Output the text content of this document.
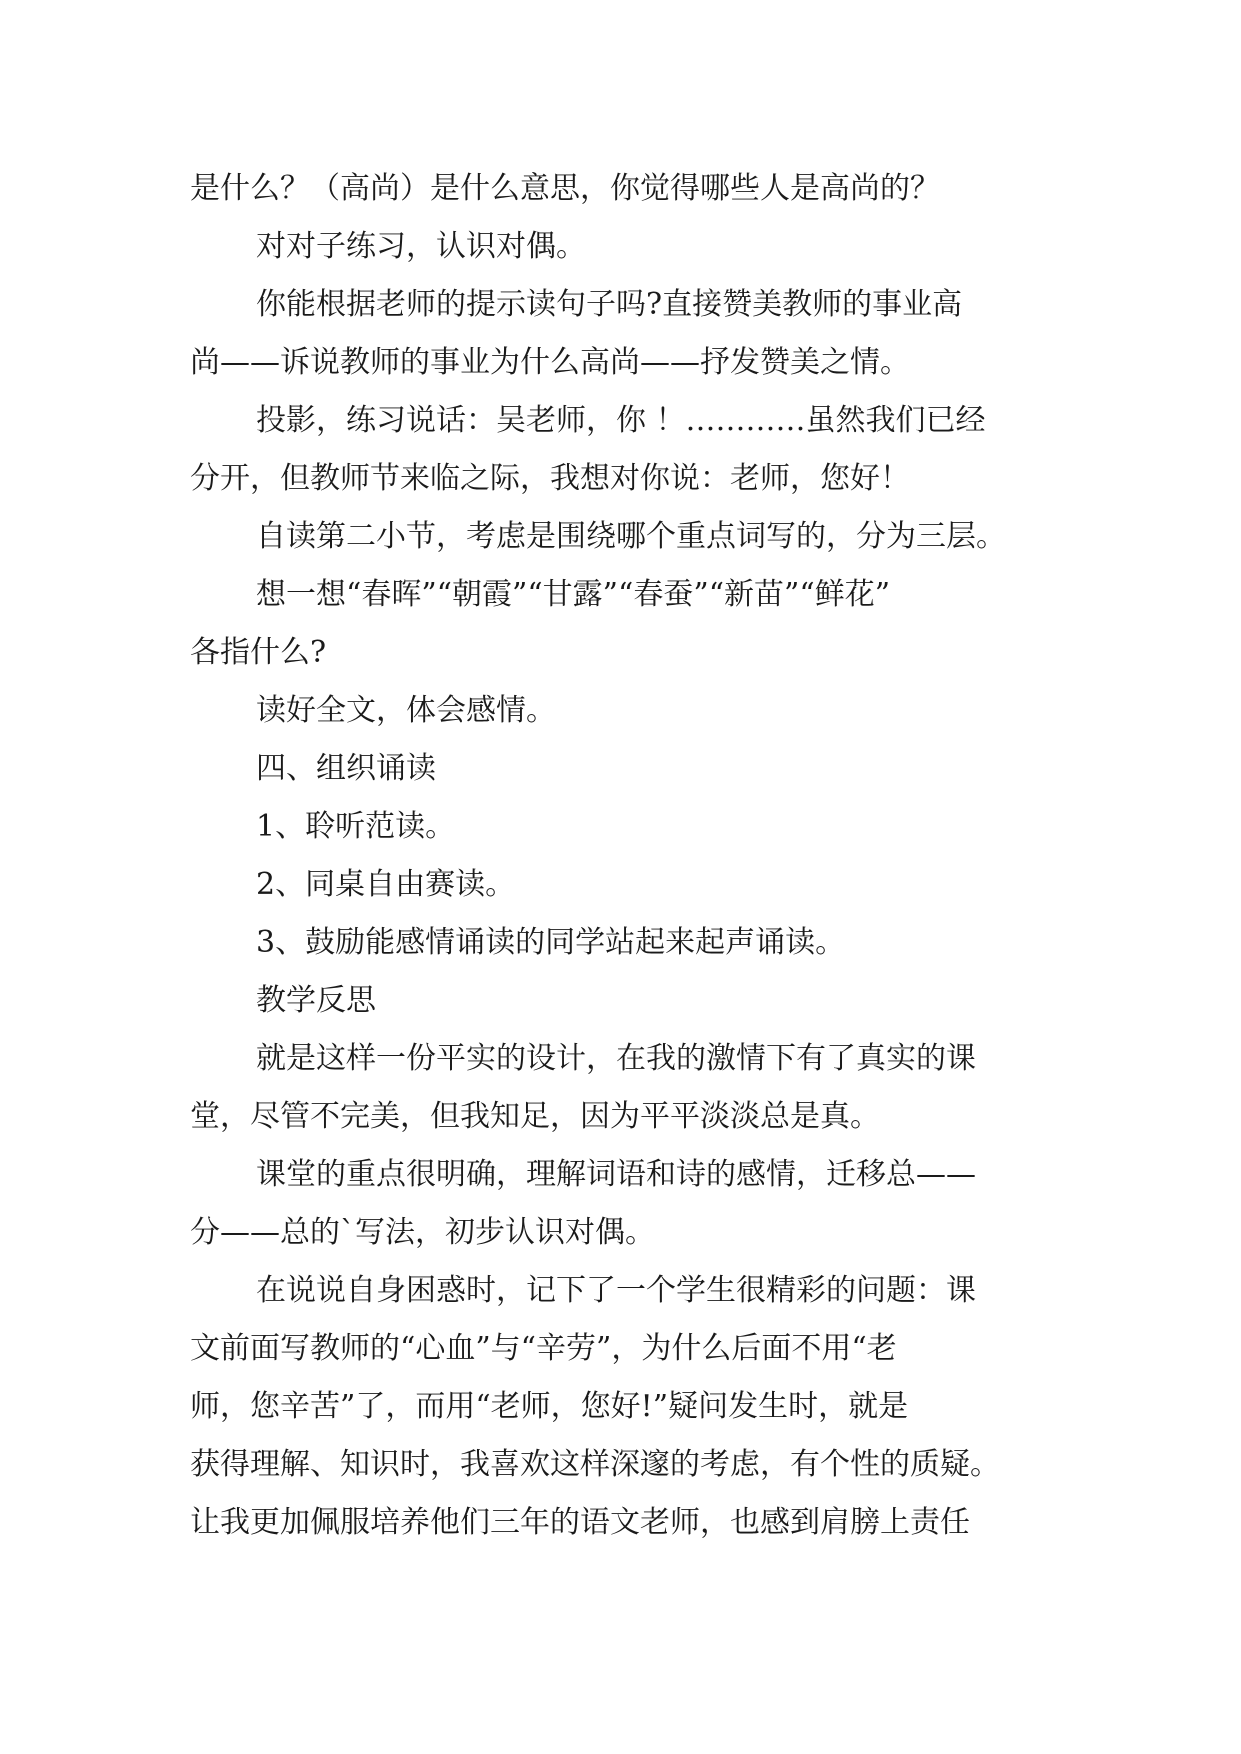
是什么？（高尚）是什么意思，你觉得哪些人是高尚的？
对对子练习，认识对偶。
你能根据老师的提示读句子吗?直接赞美教师的事业高
尚——诉说教师的事业为什么高尚——抒发赞美之情。
投影，练习说话：吴老师，你 ！…………虽然我们已经
分开，但教师节来临之际，我想对你说：老师，您好！
自读第二小节，考虑是围绕哪个重点词写的，分为三层。
想一想“春晖”“朝霞”“甘露”“春蚕”“新苗”“鲜花”
各指什么?
读好全文，体会感情。
四、组织诵读
1、聆听范读。
2、同桌自由赛读。
3、鼓励能感情诵读的同学站起来起声诵读。
教学反思
就是这样一份平实的设计，在我的激情下有了真实的课
堂，尽管不完美，但我知足，因为平平淡淡总是真。
课堂的重点很明确，理解词语和诗的感情，迁移总——
分——总的`写法，初步认识对偶。
在说说自身困惑时，记下了一个学生很精彩的问题：课
文前面写教师的“心血”与“辛劳”，为什么后面不用“老
师，您辛苦”了，而用“老师，您好!”疑问发生时，就是
获得理解、知识时，我喜欢这样深邃的考虑，有个性的质疑。
让我更加佩服培养他们三年的语文老师，也感到肩膀上责任
